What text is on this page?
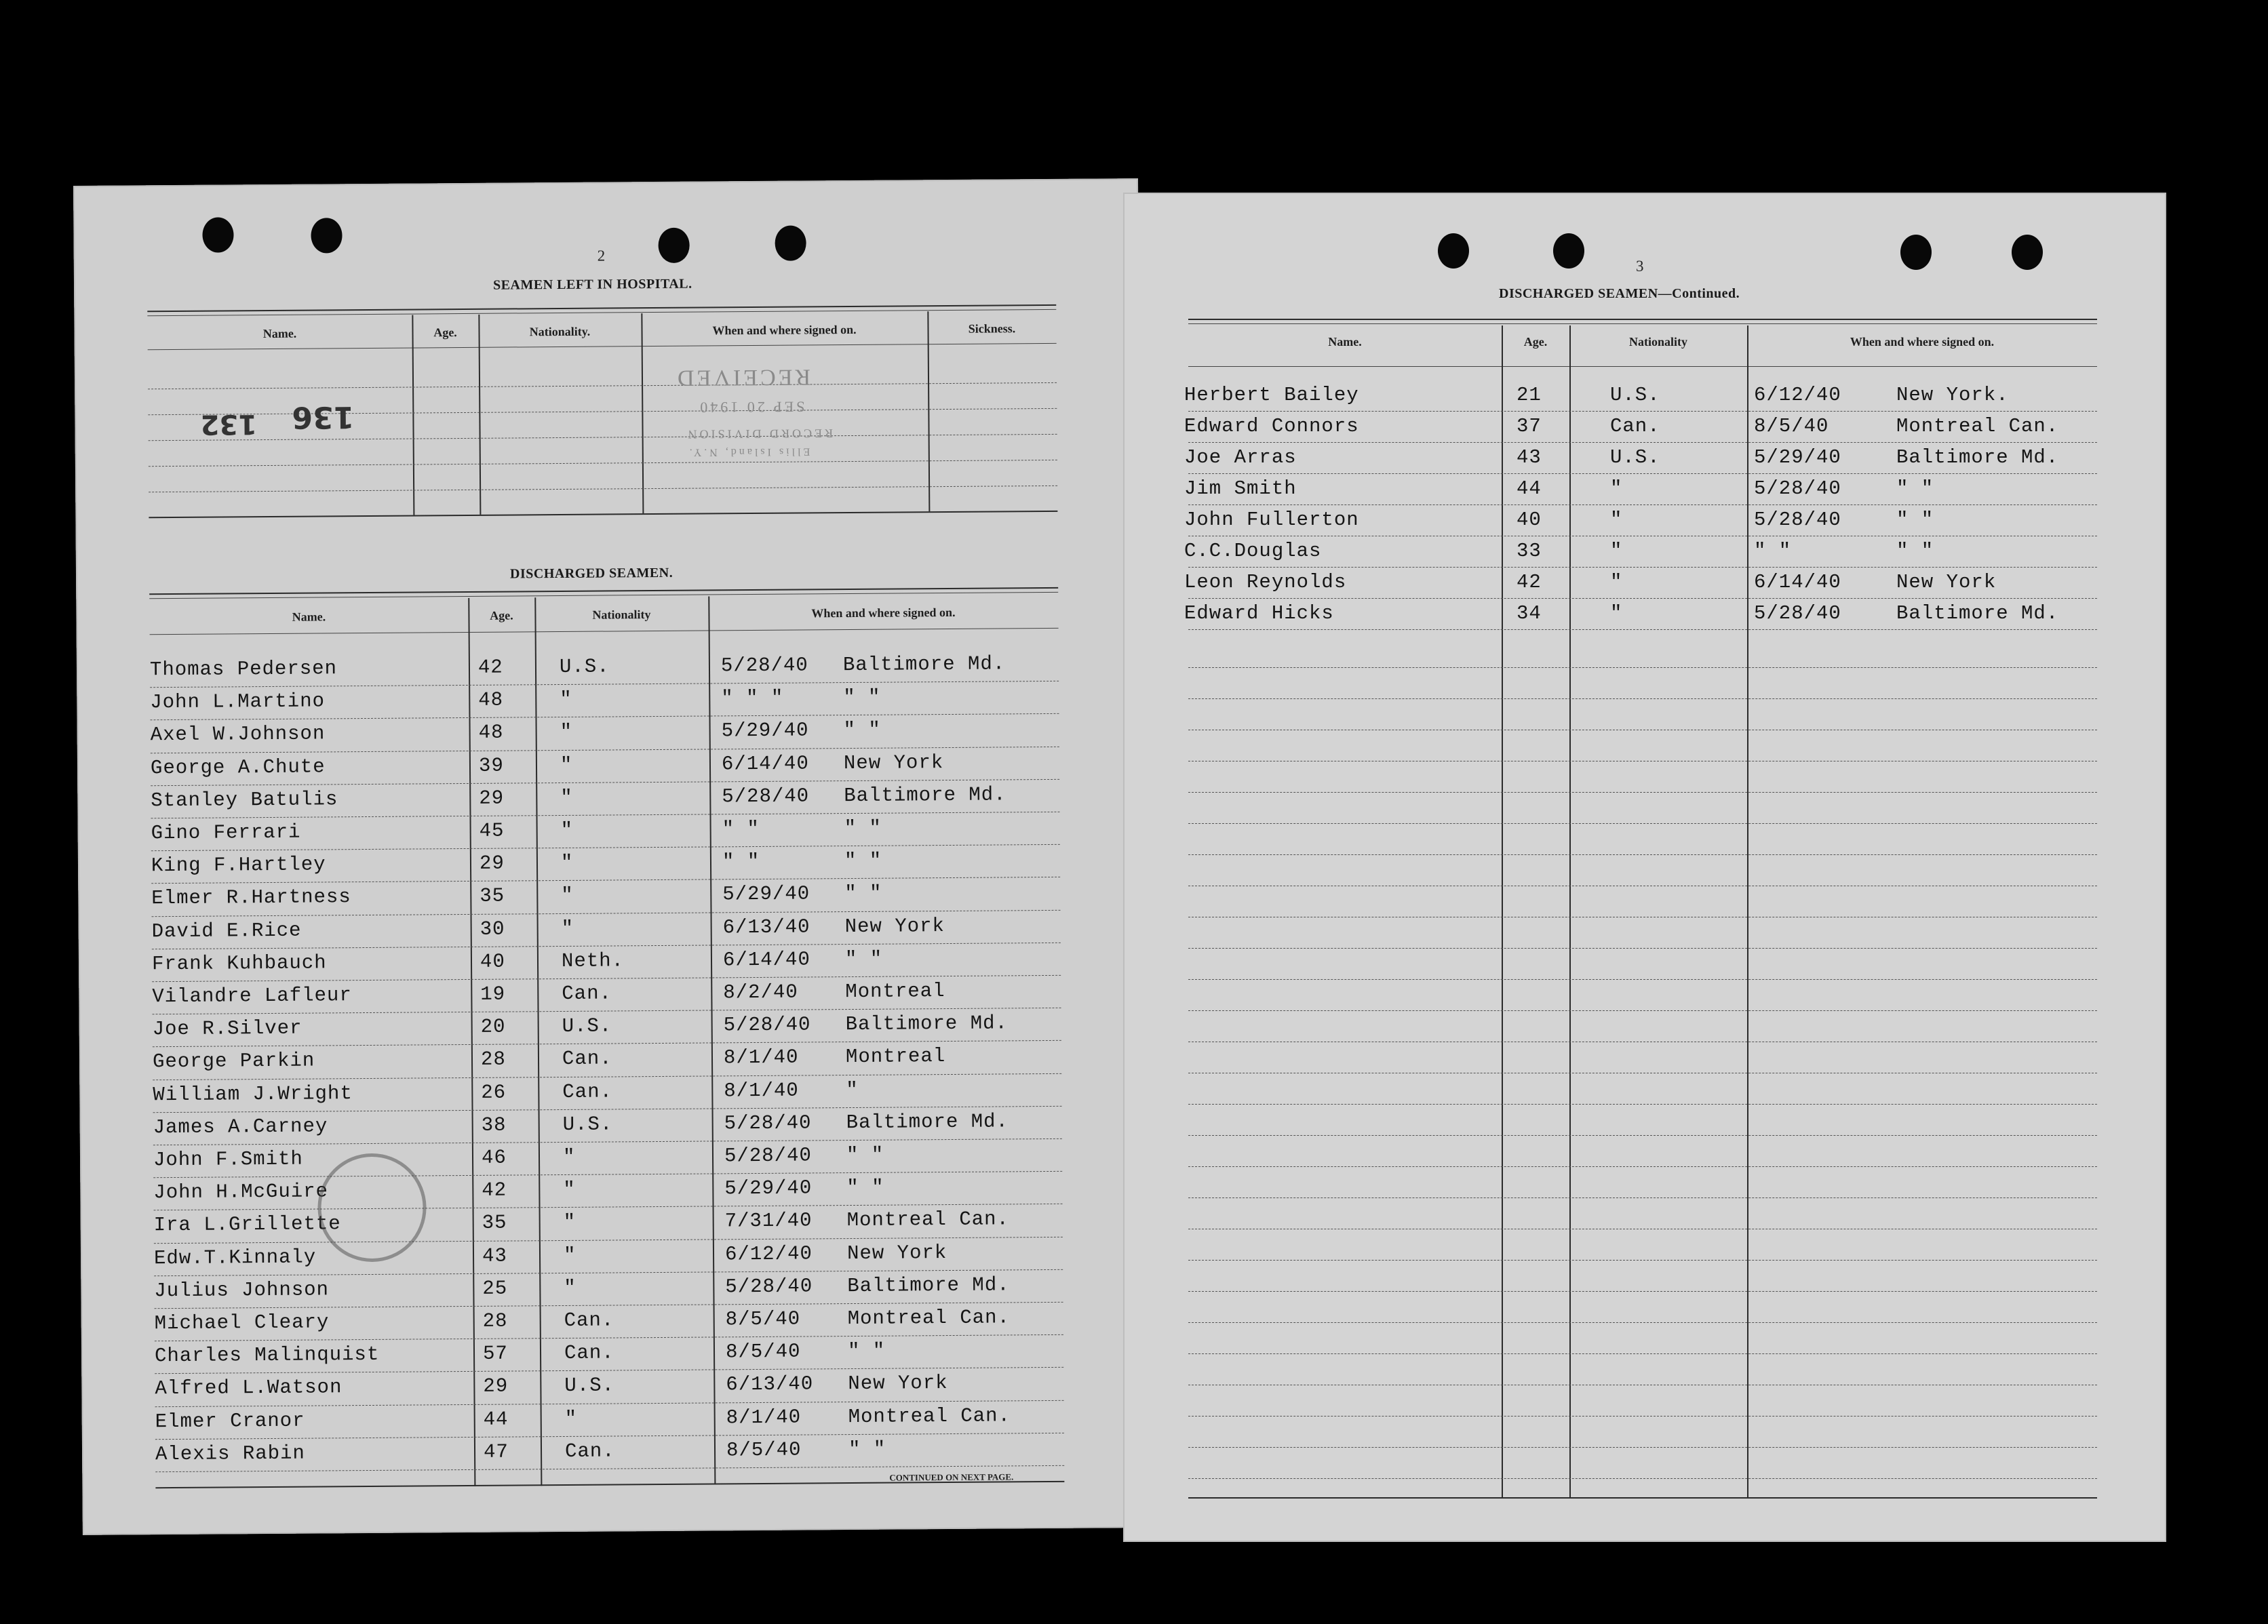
2
SEAMEN LEFT IN HOSPITAL.
Name.	Age.	Nationality.	When and where signed on.	Sickness.
136
132
RECEIVED
SEP 20 1940
RECORD DIVISION
Ellis Island, N.Y.
DISCHARGED SEAMEN.
Name.	Age.	Nationality	When and where signed on.
Thomas Pedersen	42	U.S.	5/28/40 Baltimore Md.
John L.Martino	48	"	" " "	" "
Axel W.Johnson	48	"	5/29/40 " "
George A.Chute	39	"	6/14/40 New York
Stanley Batulis	29	"	5/28/40 Baltimore Md.
Gino Ferrari	45	"	" "	" "
King F.Hartley	29	"	" "	" "
Elmer R.Hartness	35	"	5/29/40 " "
David E.Rice	30	"	6/13/40 New York
Frank Kuhbauch	40	Neth.	6/14/40 " "
Vilandre Lafleur	19	Can.	8/2/40 Montreal
Joe R.Silver	20	U.S.	5/28/40 Baltimore Md.
George Parkin	28	Can.	8/1/40 Montreal
William J.Wright	26	Can.	8/1/40 "
James A.Carney	38	U.S.	5/28/40 Baltimore Md.
John F.Smith	46	"	5/28/40 " "
John H.McGuire	42	"	5/29/40 " "
Ira L.Grillette	35	"	7/31/40 Montreal Can.
Edw.T.Kinnaly	43	"	6/12/40 New York
Julius Johnson	25	"	5/28/40 Baltimore Md.
Michael Cleary	28	Can.	8/5/40 Montreal Can.
Charles Malinquist	57	Can.	8/5/40 " "
Alfred L.Watson	29	U.S.	6/13/40 New York
Elmer Cranor	44	"	8/1/40 Montreal Can.
Alexis Rabin	47	Can.	8/5/40 " "
CONTINUED ON NEXT PAGE.
3
DISCHARGED SEAMEN—Continued.
Name.	Age.	Nationality	When and where signed on.
Herbert Bailey	21	U.S.	6/12/40	New York.
Edward Connors	37	Can.	8/5/40	Montreal Can.
Joe Arras	43	U.S.	5/29/40	Baltimore Md.
Jim Smith	44	"	5/28/40	" "
John Fullerton	40	"	5/28/40	" "
C.C.Douglas	33	"	" "	" "
Leon Reynolds	42	"	6/14/40	New York
Edward Hicks	34	"	5/28/40	Baltimore Md.
